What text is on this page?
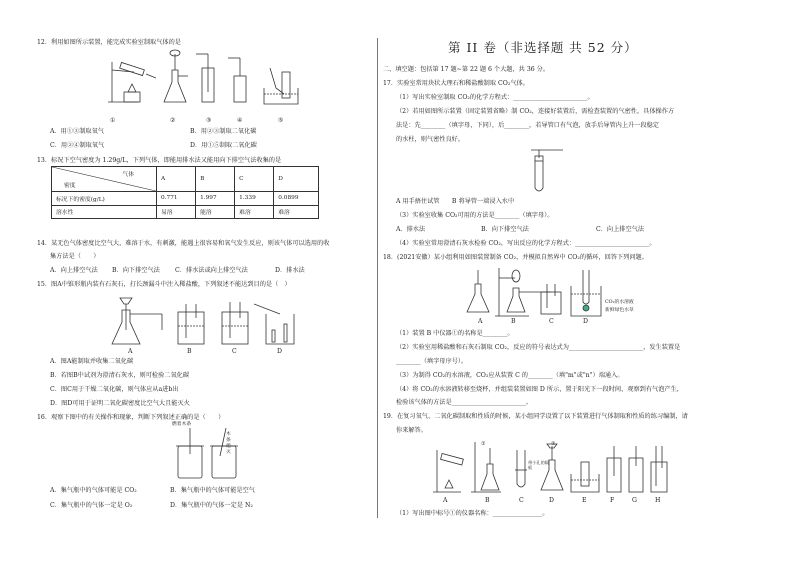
12．利用如图所示装置，能完成实验室制取气体的是
①	②	③	④	⑤
A．用①③制取氧气	B．用②③制取二氧化碳
C．用②④制取氧气	D．用①⑤制取二氧化碳
13．标况下空气密度为 1.29g/L，下列气体，即能用排水法又能用向下排空气法收集的是
气体
密度	A	B	C	D
标况下的密度(g/L)	0.771	1.997	1.339	0.0899
溶水性	易溶	能溶	难溶	难溶
14．某无色气体密度比空气大，难溶于水，有刺激，能遇上很容易和氧气发生反应，则该气体可以选用的收
集方法是（　　）
A．向上排空气法 B．向下排空气法 C．排水法或向上排空气法	D．排水法
15．图A中锥形瓶内装有石灰石，打长颈漏斗中注入稀盐酸，下列叙述不能达到目的是（　）
A	B	C	D
A．图A能制取并收集二氧化碳
B．若图B中试剂为澄清石灰水，则可检验二氧化碳
C．图C用于干燥二氧化碳，则气体应从a进b出
D．图D可用于证明二氧化碳密度比空气大且能灭火
16．观察下图中的有关操作和现象，判断下列叙述正确的是（　　）
燃着木条
木条熄灭
A．集气瓶中的气体可能是 CO₂	B．集气瓶中的气体可能是空气
C．集气瓶中的气体一定是 O₂	D．集气瓶中的气体一定是 N₂
第 II 卷（非选择题 共 52 分）
二、填空题：包括第 17 题~第 22 题 6 个大题，共 36 分。
17．实验室常用块状大理石和稀盐酸制取 CO₂气体。
（1）写出实验室制取 CO₂的化学方程式：________________________。
（2）若用如图所示装置（固定装置省略）制 CO₂，连接好装置后，需检查装置的气密性，具体操作方
法是：先________（填字母，下同），后________，若导管口有气泡，放手后导管内上升一段稳定
的水柱，则气密性良好。
A 用手捂住试管　　B 将导管一端浸入水中
（3）实验室收集 CO₂可用的方法是________（填字母）。
A．排水法	B．向下排空气法	C．向上排空气法
（4）实验室常用澄清石灰水检验 CO₂，写出反应的化学方程式：________________________。
18．(2021安徽）某小组利用如图装置制备 CO₂，并模拟自然界中 CO₂的循环，回答下列问题。
A	B	C	D
CO₂的水溶液
新鲜绿色水草
（1）装置 B 中仪器①的名称是________。
（2）实验室用稀盐酸和石灰石制取 CO₂，反应的符号表达式为________________________，发生装置是
________（填字母序号）。
（3）为制得 CO₂的水溶液，CO₂应从装置 C 的________（填"m"或"n"）端通入。
（4）将 CO₂的水溶液转移至烧杯，并组装装置如图 D 所示，置于阳光下一段时间，观察到有气泡产生，
检验该气体的方法是________________________。
19．在复习氧气、二氧化碳制取和性质的时候，某小组同学设置了以下装置进行气体制取和性质的练习编制，请
你来解答。
A	B	C	D	E	F	G	H
①	②
带小孔的隔板
（1）写出图中标号①的仪器名称：________________。
